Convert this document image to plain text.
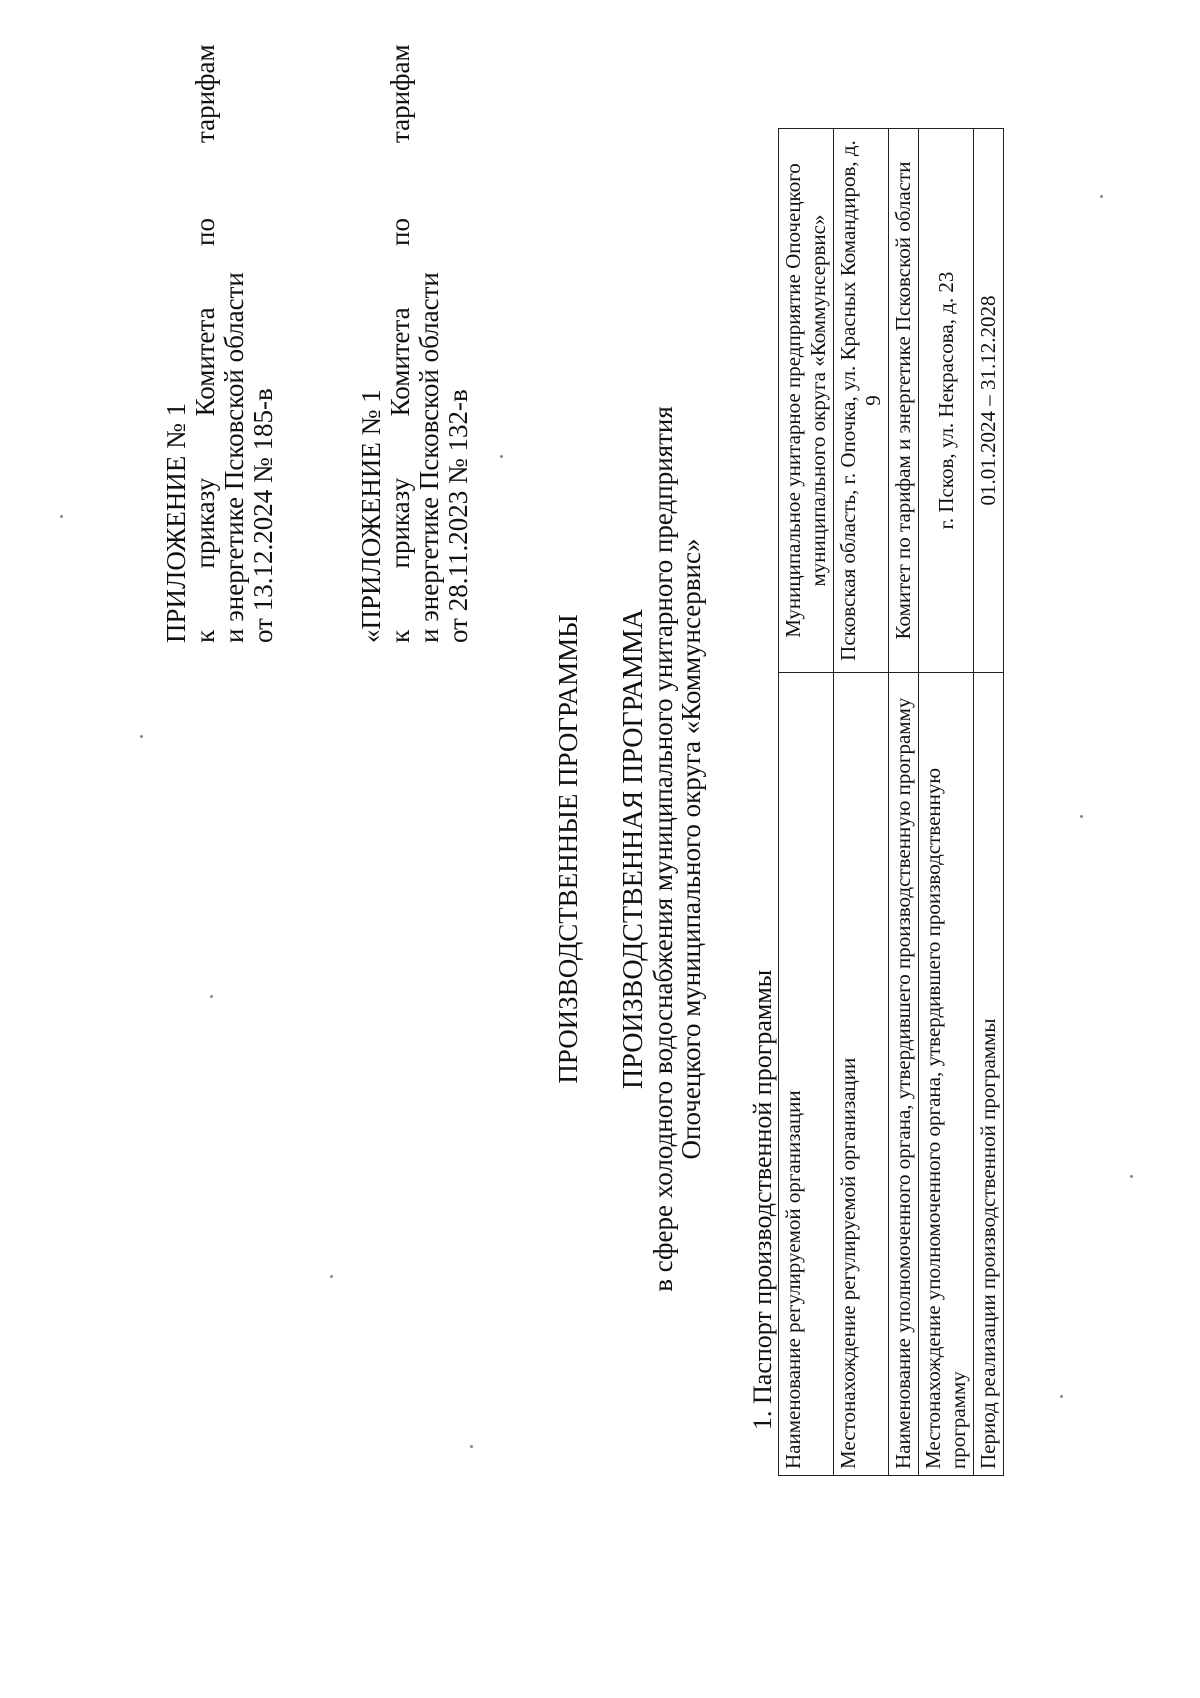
ПРИЛОЖЕНИЕ № 1 к
приказу
Комитета
по
тарифам
и энергетике Псковской области от 13.12.2024 № 185-в	«ПРИЛОЖЕНИЕ № 1 к
приказу
Комитета
по
тарифам
и энергетике Псковской области от 28.11.2023 № 132-в
ПРОИЗВОДСТВЕННЫЕ ПРОГРАММЫ ПРОИЗВОДСТВЕННАЯ ПРОГРАММА в сфере холодного водоснабжения муниципального унитарного предприятия
Опочецкого муниципального округа «Коммунсервис»
1. Паспорт производственной программы Наименование регулируемой организации	Муниципальное унитарное предприятие Опочецкого муниципального округа «Коммунсервис»
Местонахождение регулируемой организации	Псковская область, г. Опочка, ул. Красных Командиров, д. 9
Наименование уполномоченного органа, утвердившего производственную программу	Комитет по тарифам и энергетике Псковской области
Местонахождение уполномоченного органа, утвердившего производственную программу	г. Псков, ул. Некрасова, д. 23
Период реализации производственной программы	01.01.2024 – 31.12.2028
